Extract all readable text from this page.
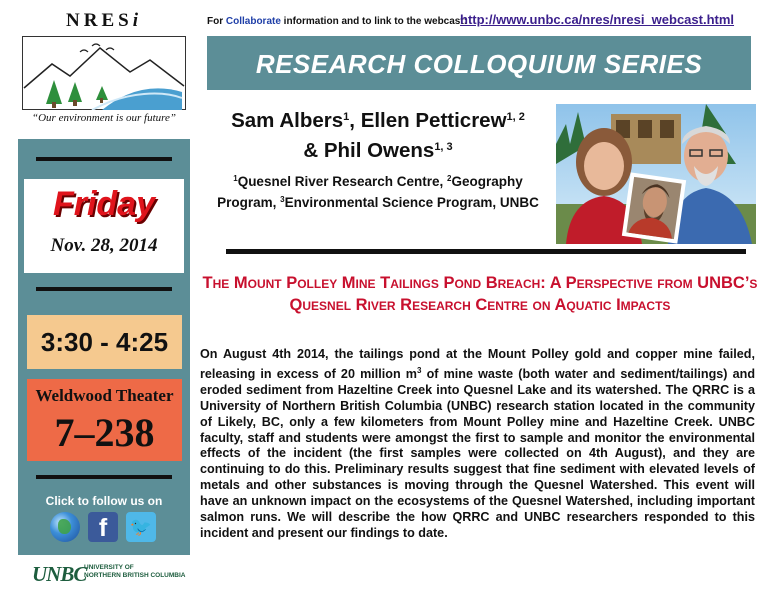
NRESi
“Our environment is our future”
Friday
Nov. 28, 2014
3:30 - 4:25
Weldwood Theater
7–238
Click to follow us on
f	🐦
UNBC
UNIVERSITY OF
NORTHERN BRITISH COLUMBIA
For Collaborate information and to link to the webcast:
http://www.unbc.ca/nres/nresi_webcast.html
RESEARCH COLLOQUIUM SERIES
Sam Albers$^1$, Ellen Petticrew$^{1, 2}$
& Phil Owens$^{1, 3}$
$^1$Quesnel River Research Centre, $^2$Geography Program, $^3$Environmental Science Program, UNBC
The Mount Polley Mine Tailings Pond Breach: A Perspective from UNBC’s Quesnel River Research Centre on Aquatic Impacts
On August 4th 2014, the tailings pond at the Mount Polley gold and copper mine failed, releasing in excess of 20 million $m^3$ of mine waste (both water and sediment/tailings) and eroded sediment from Hazeltine Creek into Quesnel Lake and its watershed. The QRRC is a University of Northern British Columbia (UNBC) research station located in the community of Likely, BC, only a few kilometers from Mount Polley mine and Hazeltine Creek. UNBC faculty, staff and students were amongst the first to sample and monitor the environmental effects of the incident (the first samples were collected on 4th August), and they are continuing to do this. Preliminary results suggest that fine sediment with elevated levels of metals and other substances is moving through the Quesnel Watershed. This event will have an unknown impact on the ecosystems of the Quesnel Watershed, including important salmon runs. We will describe the how QRRC and UNBC researchers responded to this incident and present our findings to date.
